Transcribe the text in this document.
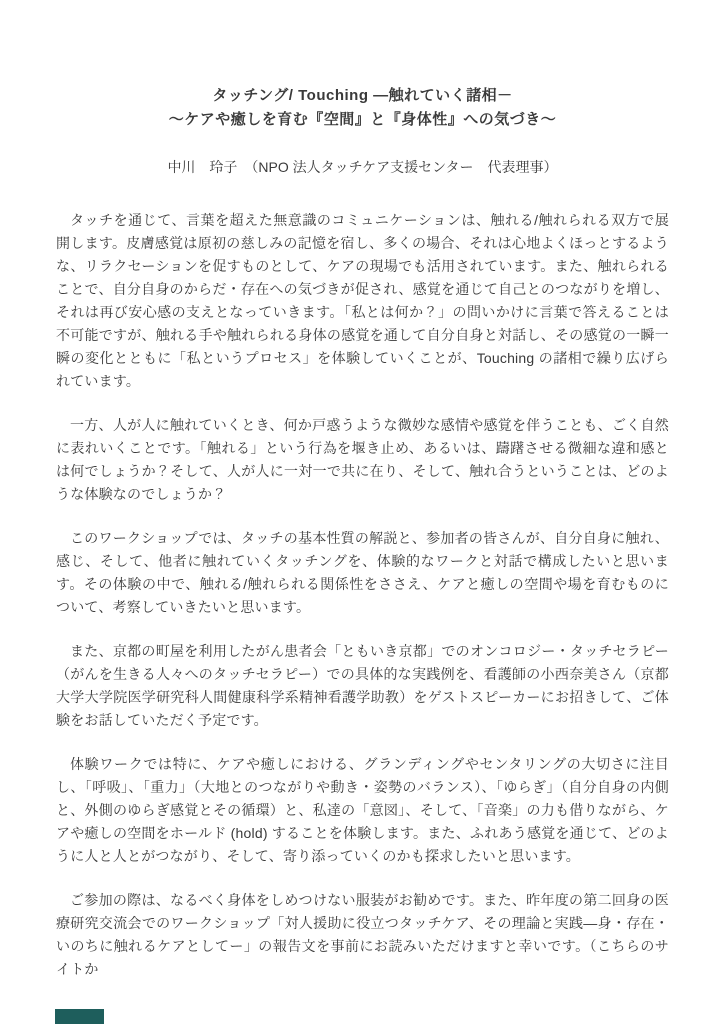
タッチング/ Touching —触れていく諸相－
～ケアや癒しを育む『空間』と『身体性』への気づき～
中川　玲子　（NPO 法人タッチケア支援センター　代表理事）

タッチを通じて、言葉を超えた無意識のコミュニケーションは、触れる/触れられる双方で展開します。皮膚感覚は原初の慈しみの記憶を宿し、多くの場合、それは心地よくほっとするような、リラクセーションを促すものとして、ケアの現場でも活用されています。また、触れられることで、自分自身のからだ・存在への気づきが促され、感覚を通じて自己とのつながりを増し、それは再び安心感の支えとなっていきます。「私とは何か？」の問いかけに言葉で答えることは不可能ですが、触れる手や触れられる身体の感覚を通して自分自身と対話し、その感覚の一瞬一瞬の変化とともに「私というプロセス」を体験していくことが、Touching の諸相で繰り広げられています。

一方、人が人に触れていくとき、何か戸惑うような微妙な感情や感覚を伴うことも、ごく自然に表れいくことです。「触れる」という行為を堰き止め、あるいは、躊躇させる微細な違和感とは何でしょうか？そして、人が人に一対一で共に在り、そして、触れ合うということは、どのような体験なのでしょうか？

このワークショップでは、タッチの基本性質の解説と、参加者の皆さんが、自分自身に触れ、感じ、そして、他者に触れていくタッチングを、体験的なワークと対話で構成したいと思います。その体験の中で、触れる/触れられる関係性をささえ、ケアと癒しの空間や場を育むものについて、考察していきたいと思います。

また、京都の町屋を利用したがん患者会「ともいき京都」でのオンコロジー・タッチセラピー（がんを生きる人々へのタッチセラピー）での具体的な実践例を、看護師の小西奈美さん（京都大学大学院医学研究科人間健康科学系精神看護学助教）をゲストスピーカーにお招きして、ご体験をお話していただく予定です。

体験ワークでは特に、ケアや癒しにおける、グランディングやセンタリングの大切さに注目し、「呼吸」、「重力」（大地とのつながりや動き・姿勢のバランス）、「ゆらぎ」（自分自身の内側と、外側のゆらぎ感覚とその循環）と、私達の「意図」、そして、「音楽」の力も借りながら、ケアや癒しの空間をホールド (hold) することを体験します。また、ふれあう感覚を通じて、どのように人と人とがつながり、そして、寄り添っていくのかも探求したいと思います。

ご参加の際は、なるべく身体をしめつけない服装がお勧めです。また、昨年度の第二回身の医療研究交流会でのワークショップ「対人援助に役立つタッチケア、その理論と実践—身・存在・いのちに触れるケアとしてー」の報告文を事前にお読みいただけますと幸いです。（こちらのサイトか
